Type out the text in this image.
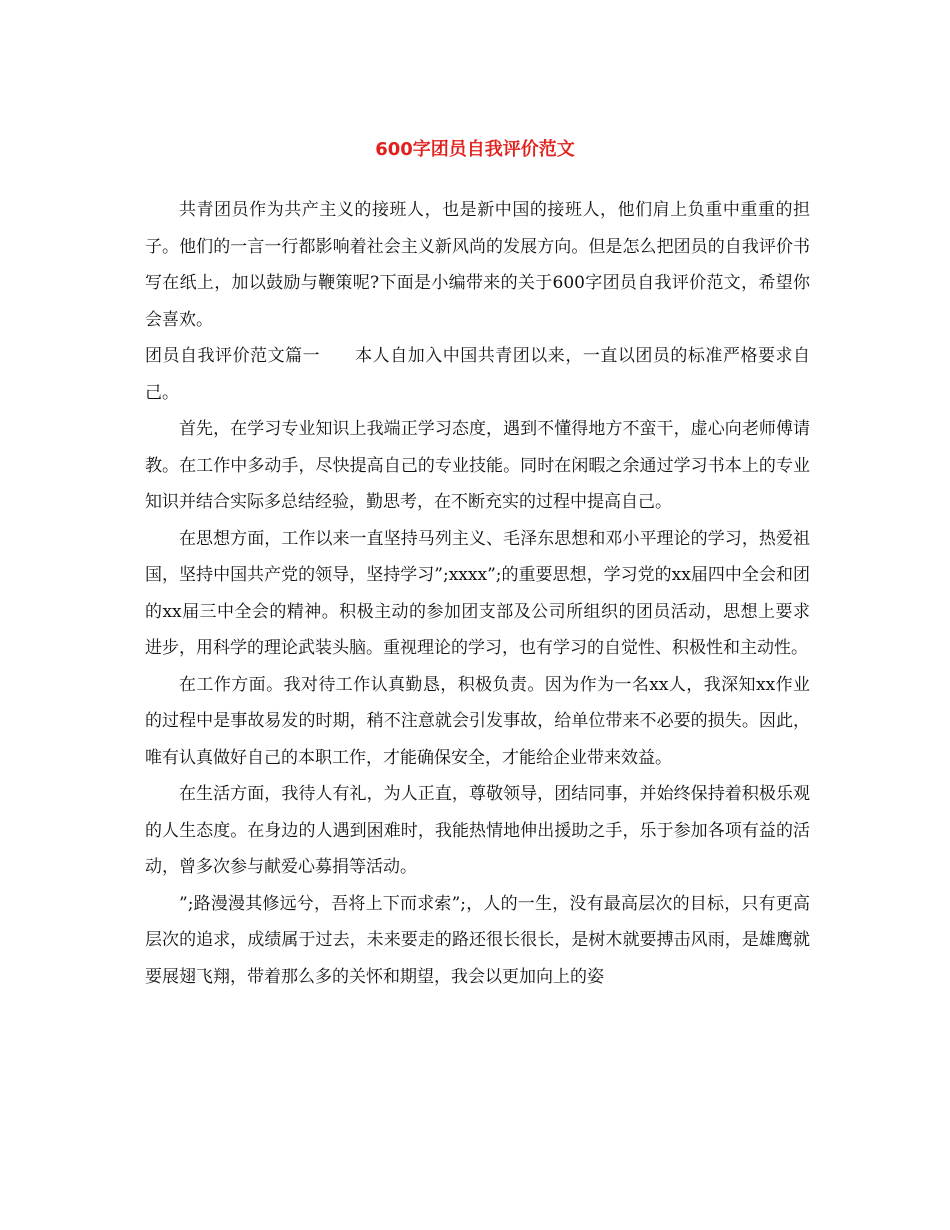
600字团员自我评价范文

共青团员作为共产主义的接班人，也是新中国的接班人，他们肩上负重中重重的担子。他们的一言一行都影响着社会主义新风尚的发展方向。但是怎么把团员的自我评价书写在纸上，加以鼓励与鞭策呢?下面是小编带来的关于600字团员自我评价范文，希望你会喜欢。

团员自我评价范文篇一　　本人自加入中国共青团以来，一直以团员的标准严格要求自己。

首先，在学习专业知识上我端正学习态度，遇到不懂得地方不蛮干，虚心向老师傅请教。在工作中多动手，尽快提高自己的专业技能。同时在闲暇之余通过学习书本上的专业知识并结合实际多总结经验，勤思考，在不断充实的过程中提高自己。

在思想方面，工作以来一直坚持马列主义、毛泽东思想和邓小平理论的学习，热爱祖国，坚持中国共产党的领导，坚持学习”;xxxx”;的重要思想，学习党的xx届四中全会和团的xx届三中全会的精神。积极主动的参加团支部及公司所组织的团员活动，思想上要求进步，用科学的理论武装头脑。重视理论的学习，也有学习的自觉性、积极性和主动性。

在工作方面。我对待工作认真勤恳，积极负责。因为作为一名xx人，我深知xx作业的过程中是事故易发的时期，稍不注意就会引发事故，给单位带来不必要的损失。因此，唯有认真做好自己的本职工作，才能确保安全，才能给企业带来效益。

在生活方面，我待人有礼，为人正直，尊敬领导，团结同事，并始终保持着积极乐观的人生态度。在身边的人遇到困难时，我能热情地伸出援助之手，乐于参加各项有益的活动，曾多次参与献爱心募捐等活动。

”;路漫漫其修远兮，吾将上下而求索”;，人的一生，没有最高层次的目标，只有更高层次的追求，成绩属于过去，未来要走的路还很长很长，是树木就要搏击风雨，是雄鹰就要展翅飞翔，带着那么多的关怀和期望，我会以更加向上的姿
